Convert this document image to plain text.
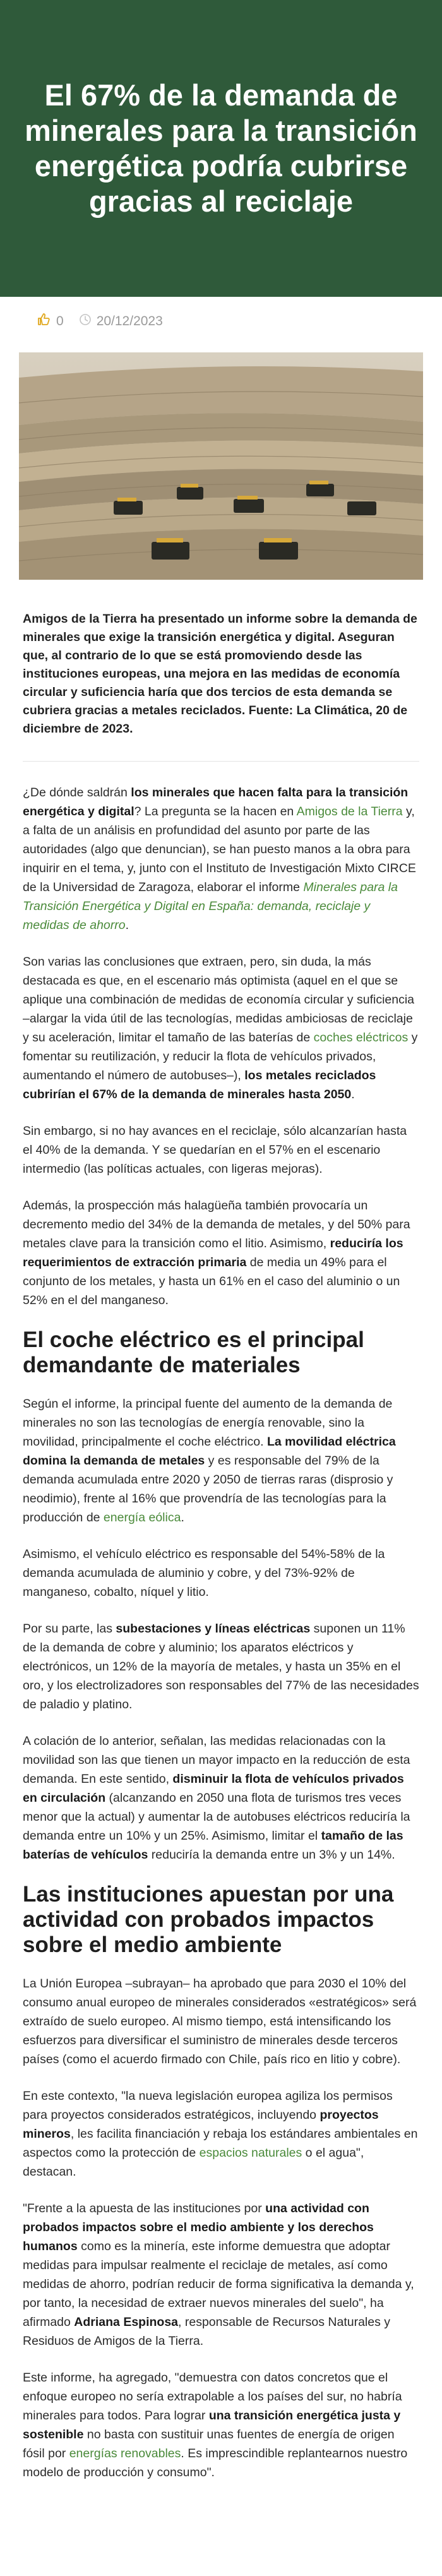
El 67% de la demanda de minerales para la transición energética podría cubrirse gracias al reciclaje
0 20/12/2023

Amigos de la Tierra ha presentado un informe sobre la demanda de minerales que exige la transición energética y digital. Aseguran que, al contrario de lo que se está promoviendo desde las instituciones europeas, una mejora en las medidas de economía circular y suficiencia haría que dos tercios de esta demanda se cubriera gracias a metales reciclados. Fuente: La Climática, 20 de diciembre de 2023.

¿De dónde saldrán los minerales que hacen falta para la transición energética y digital? La pregunta se la hacen en Amigos de la Tierra y, a falta de un análisis en profundidad del asunto por parte de las autoridades (algo que denuncian), se han puesto manos a la obra para inquirir en el tema, y, junto con el Instituto de Investigación Mixto CIRCE de la Universidad de Zaragoza, elaborar el informe Minerales para la Transición Energética y Digital en España: demanda, reciclaje y medidas de ahorro.

Son varias las conclusiones que extraen, pero, sin duda, la más destacada es que, en el escenario más optimista (aquel en el que se aplique una combinación de medidas de economía circular y suficiencia –alargar la vida útil de las tecnologías, medidas ambiciosas de reciclaje y su aceleración, limitar el tamaño de las baterías de coches eléctricos y fomentar su reutilización, y reducir la flota de vehículos privados, aumentando el número de autobuses–), los metales reciclados cubrirían el 67% de la demanda de minerales hasta 2050.

Sin embargo, si no hay avances en el reciclaje, sólo alcanzarían hasta el 40% de la demanda. Y se quedarían en el 57% en el escenario intermedio (las políticas actuales, con ligeras mejoras).

Además, la prospección más halagüeña también provocaría un decremento medio del 34% de la demanda de metales, y del 50% para metales clave para la transición como el litio. Asimismo, reduciría los requerimientos de extracción primaria de media un 49% para el conjunto de los metales, y hasta un 61% en el caso del aluminio o un 52% en el del manganeso.

El coche eléctrico es el principal demandante de materiales

Según el informe, la principal fuente del aumento de la demanda de minerales no son las tecnologías de energía renovable, sino la movilidad, principalmente el coche eléctrico. La movilidad eléctrica domina la demanda de metales y es responsable del 79% de la demanda acumulada entre 2020 y 2050 de tierras raras (disprosio y neodimio), frente al 16% que provendría de las tecnologías para la producción de energía eólica.

Asimismo, el vehículo eléctrico es responsable del 54%-58% de la demanda acumulada de aluminio y cobre, y del 73%-92% de manganeso, cobalto, níquel y litio.

Por su parte, las subestaciones y líneas eléctricas suponen un 11% de la demanda de cobre y aluminio; los aparatos eléctricos y electrónicos, un 12% de la mayoría de metales, y hasta un 35% en el oro, y los electrolizadores son responsables del 77% de las necesidades de paladio y platino.

A colación de lo anterior, señalan, las medidas relacionadas con la movilidad son las que tienen un mayor impacto en la reducción de esta demanda. En este sentido, disminuir la flota de vehículos privados en circulación (alcanzando en 2050 una flota de turismos tres veces menor que la actual) y aumentar la de autobuses eléctricos reduciría la demanda entre un 10% y un 25%. Asimismo, limitar el tamaño de las baterías de vehículos reduciría la demanda entre un 3% y un 14%.

Las instituciones apuestan por una actividad con probados impactos sobre el medio ambiente

La Unión Europea –subrayan– ha aprobado que para 2030 el 10% del consumo anual europeo de minerales considerados «estratégicos» será extraído de suelo europeo. Al mismo tiempo, está intensificando los esfuerzos para diversificar el suministro de minerales desde terceros países (como el acuerdo firmado con Chile, país rico en litio y cobre).

En este contexto, "la nueva legislación europea agiliza los permisos para proyectos considerados estratégicos, incluyendo proyectos mineros, les facilita financiación y rebaja los estándares ambientales en aspectos como la protección de espacios naturales o el agua", destacan.

"Frente a la apuesta de las instituciones por una actividad con probados impactos sobre el medio ambiente y los derechos humanos como es la minería, este informe demuestra que adoptar medidas para impulsar realmente el reciclaje de metales, así como medidas de ahorro, podrían reducir de forma significativa la demanda y, por tanto, la necesidad de extraer nuevos minerales del suelo", ha afirmado Adriana Espinosa, responsable de Recursos Naturales y Residuos de Amigos de la Tierra.

Este informe, ha agregado, "demuestra con datos concretos que el enfoque europeo no sería extrapolable a los países del sur, no habría minerales para todos. Para lograr una transición energética justa y sostenible no basta con sustituir unas fuentes de energía de origen fósil por energías renovables. Es imprescindible replantearnos nuestro modelo de producción y consumo".
